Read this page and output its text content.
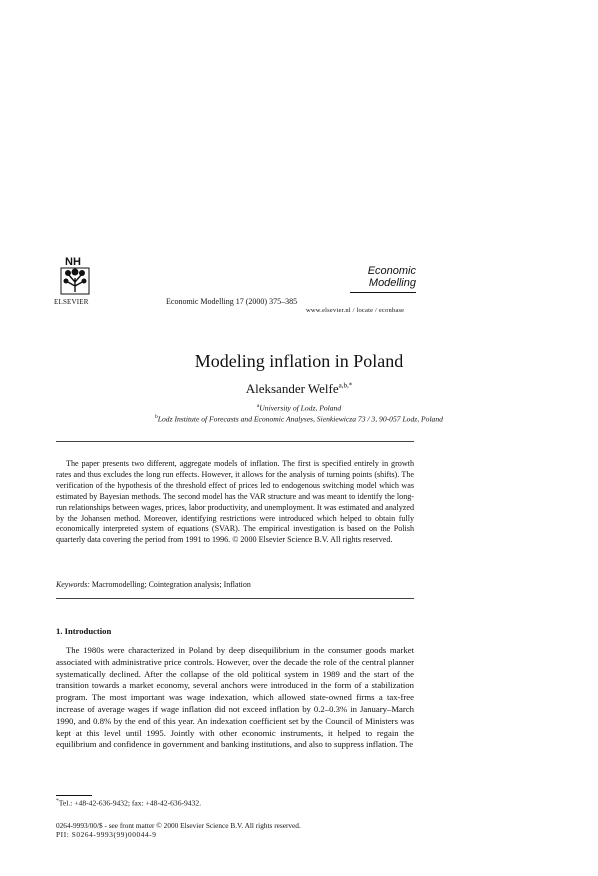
NH
ELSEVIER	Economic Modelling 17 (2000) 375–385
Economic
Modelling
www.elsevier.nl / locate / econbase
Modeling inflation in Poland
Aleksander Welfe$^{a,b,*}$
$^a$University of Lodz, Poland
$^b$Lodz Institute of Forecasts and Economic Analyses, Sienkiewicza 73 / 3, 90-057 Lodz, Poland

The paper presents two different, aggregate models of inflation. The first is specified entirely in growth rates and thus excludes the long run effects. However, it allows for the analysis of turning points (shifts). The verification of the hypothesis of the threshold effect of prices led to endogenous switching model which was estimated by Bayesian methods. The second model has the VAR structure and was meant to identify the long-run relationships between wages, prices, labor productivity, and unemployment. It was estimated and analyzed by the Johansen method. Moreover, identifying restrictions were introduced which helped to obtain fully economically interpreted system of equations (SVAR). The empirical investigation is based on the Polish quarterly data covering the period from 1991 to 1996. © 2000 Elsevier Science B.V. All rights reserved.

Keywords: Macromodelling; Cointegration analysis; Inflation
1. Introduction

The 1980s were characterized in Poland by deep disequilibrium in the consumer goods market associated with administrative price controls. However, over the decade the role of the central planner systematically declined. After the collapse of the old political system in 1989 and the start of the transition towards a market economy, several anchors were introduced in the form of a stabilization program. The most important was wage indexation, which allowed state-owned firms a tax-free increase of average wages if wage inflation did not exceed inflation by 0.2–0.3% in January–March 1990, and 0.8% by the end of this year. An indexation coefficient set by the Council of Ministers was kept at this level until 1995. Jointly with other economic instruments, it helped to regain the equilibrium and confidence in government and banking institutions, and also to suppress inflation. The

*Tel.: +48-42-636-9432; fax: +48-42-636-9432.
0264-9993/00/$ - see front matter © 2000 Elsevier Science B.V. All rights reserved.
PII: S0264-9993(99)00044-9
